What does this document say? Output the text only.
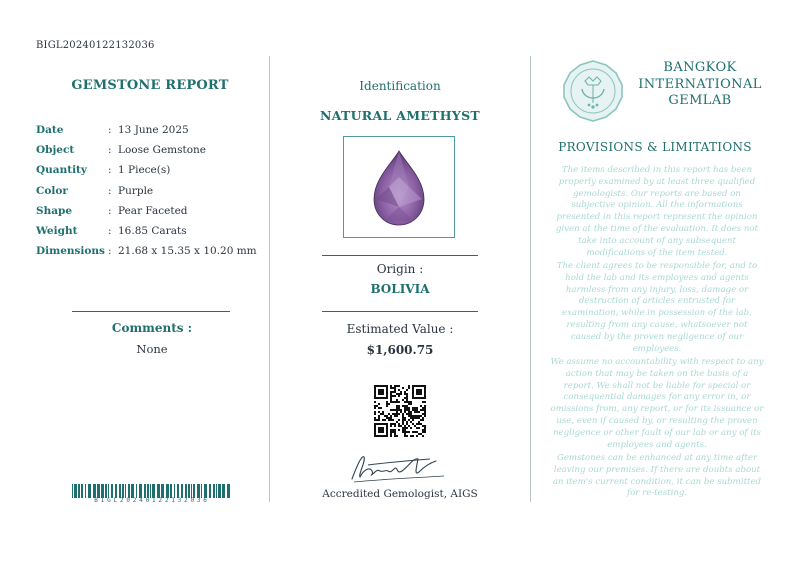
BIGL20240122132036
GEMSTONE REPORT
Date	: 13 June 2025
Object	: Loose Gemstone
Quantity	: 1 Piece(s)
Color	: Purple
Shape	: Pear Faceted
Weight	: 16.85 Carats
Dimensions : 21.68 x 15.35 x 10.20 mm
Comments :
None
BIGL20240122132036
Identification
NATURAL AMETHYST
Origin :
BOLIVIA
Estimated Value :
$1,600.75
Accredited Gemologist, AIGS
BANGKOK
INTERNATIONAL
GEMLAB
PROVISIONS & LIMITATIONS
The items described in this report has been properly examined by at least three qualified gemologists. Our reports are based on subjective opinion. All the informations presented in this report represent the opinion given at the time of the evaluation. It does not take into account of any subsequent modifications of the item tested.
The client agrees to be responsible for, and to hold the lab and its employees and agents harmless from any injury, loss, damage or destruction of articles entrusted for examination, while in possession of the lab, resulting from any cause, whatsoever not caused by the proven negligence of our employees.
We assume no accountability with respect to any action that may be taken on the basis of a report. We shall not be liable for special or consequential damages for any error in, or omissions from, any report, or for its issuance or use, even if caused by, or resulting the proven negligence or other fault of our lab or any of its employees and agents.
Gemstones can be enhanced at any time after leaving our premises. If there are doubts about an item's current condition, it can be submitted for re-testing.
